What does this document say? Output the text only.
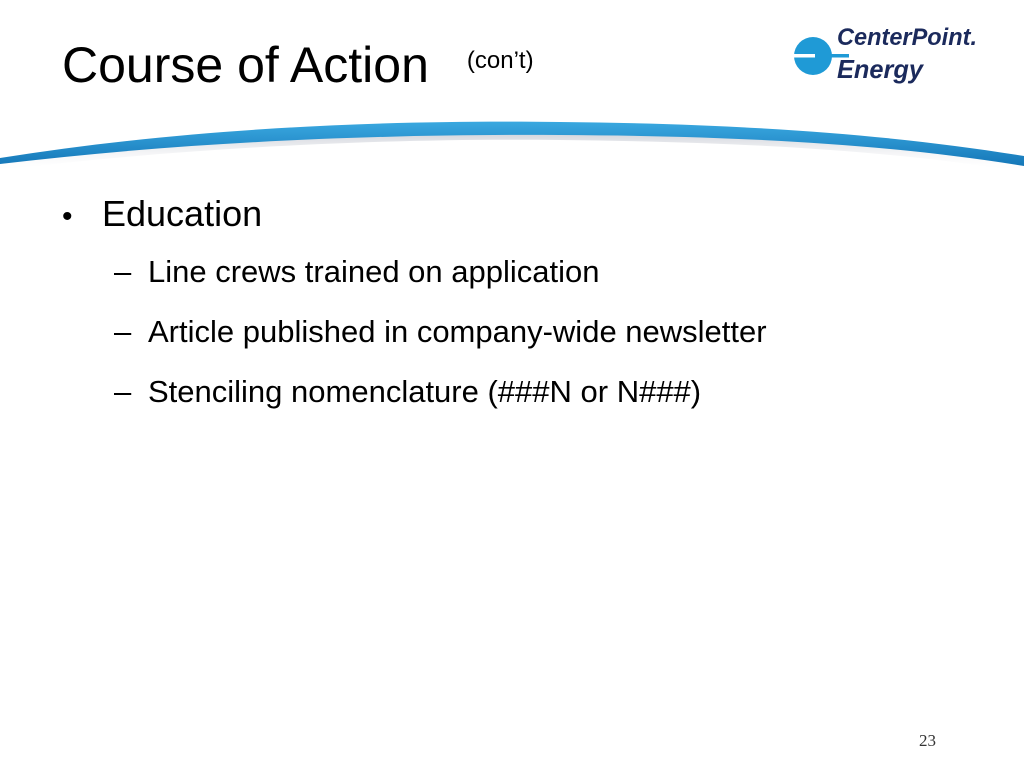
Course of Action (con’t)
CenterPoint.
Energy
• Education
– Line crews trained on application
– Article published in company-wide newsletter
– Stenciling nomenclature (###N or N###)
23
